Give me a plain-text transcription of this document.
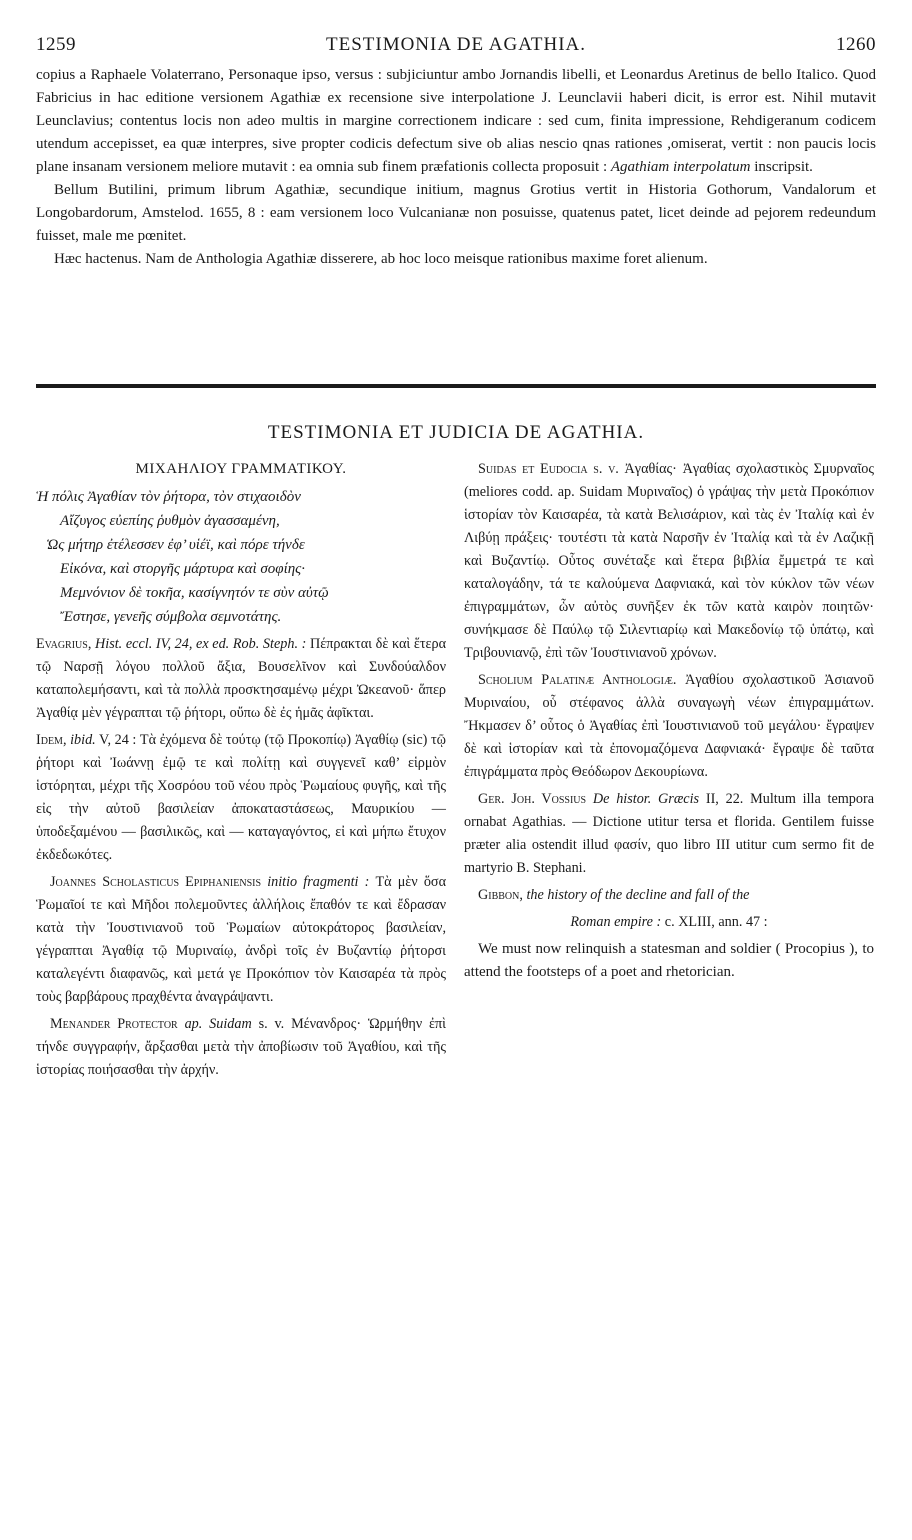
1259	TESTIMONIA DE AGATHIA.	1260

copius a Raphaele Volaterrano, Personaque ipso, versus : subjiciuntur ambo Jornandis libelli, et Leonardus Aretinus de bello Italico. Quod Fabricius in hac editione versionem Agathiæ ex recensione sive interpolatione J. Leunclavii haberi dicit, is error est. Nihil mutavit Leunclavius; contentus locis non adeo multis in margine correctionem indicare : sed cum, finita impressione, Rehdigeranum codicem utendum accepisset, ea quæ interpres, sive propter codicis defectum sive ob alias nescio qnas rationes ,omiserat, vertit : non paucis locis plane insanam versionem meliore mutavit : ea omnia sub finem præfationis collecta proposuit : Agathiam interpolatum inscripsit.

Bellum Butilini, primum librum Agathiæ, secundique initium, magnus Grotius vertit in Historia Gothorum, Vandalorum et Longobardorum, Amstelod. 1655, 8 : eam versionem loco Vulcanianæ non posuisse, quatenus patet, licet deinde ad pejorem redeundum fuisset, male me pœnitet.

Hæc hactenus. Nam de Anthologia Agathiæ disserere, ab hoc loco meisque rationibus maxime foret alienum.

TESTIMONIA ET JUDICIA DE AGATHIA.

ΜΙΧΑΗΛΙΟΥ ΓΡΑΜΜΑΤΙΚΟΥ.

Ἡ πόλις Ἀγαθίαν τὸν ῥήτορα, τὸν στιχαοιδὸν
Αἴζυγος εὐεπίης ῥυθμὸν ἀγασσαμένη,
Ὡς μήτηρ ἐτέλεσσεν ἐφ’ υἱέϊ, καὶ πόρε τήνδε
Εἰκόνα, καὶ στοργῆς μάρτυρα καὶ σοφίης·
Μεμνόνιον δὲ τοκῆα, κασίγνητόν τε σὺν αὐτῷ
Ἔστησε, γενεῆς σύμβολα σεμνοτάτης.

Evagrius, Hist. eccl. IV, 24, ex ed. Rob. Steph. : Πέπρακται δὲ καὶ ἕτερα τῷ Ναρσῇ λόγου πολλοῦ ἄξια, Βουσελῖνον καὶ Συνδούαλδον καταπολεμήσαντι, καὶ τὰ πολλὰ προσκτησαμένῳ μέχρι Ὠκεανοῦ· ἅπερ Ἀγαθίᾳ μὲν γέγραπται τῷ ῥήτορι, οὔπω δὲ ἐς ἡμᾶς ἀφῖκται.

Idem, ibid. V, 24 : Τὰ ἐχόμενα δὲ τούτῳ (τῷ Προκοπίῳ) Ἀγαθίῳ (sic) τῷ ῥήτορι καὶ Ἰωάννῃ ἐμῷ τε καὶ πολίτῃ καὶ συγγενεῖ καθ’ εἱρμὸν ἱστόρηται, μέχρι τῆς Χοσρόου τοῦ νέου πρὸς Ῥωμαίους φυγῆς, καὶ τῆς εἰς τὴν αὐτοῦ βασιλείαν ἀποκαταστάσεως, Μαυρικίου — ὑποδεξαμένου — βασιλικῶς, καὶ — καταγαγόντος, εἰ καὶ μήπω ἔτυχον ἐκδεδωκότες.

Joannes Scholasticus Epiphaniensis initio fragmenti : Τὰ μὲν ὅσα Ῥωμαῖοί τε καὶ Μῆδοι πολεμοῦντες ἀλλήλοις ἔπαθόν τε καὶ ἔδρασαν κατὰ τὴν Ἰουστινιανοῦ τοῦ Ῥωμαίων αὐτοκράτορος βασιλείαν, γέγραπται Ἀγαθίᾳ τῷ Μυριναίῳ, ἀνδρὶ τοῖς ἐν Βυζαντίῳ ῥήτορσι καταλεγέντι διαφανῶς, καὶ μετά γε Προκόπιον τὸν Καισαρέα τὰ πρὸς τοὺς βαρβάρους πραχθέντα ἀναγράψαντι.

Menander Protector ap. Suidam s. v. Μένανδρος· Ὡρμήθην ἐπὶ τήνδε συγγραφήν, ἄρξασθαι μετὰ τὴν ἀποβίωσιν τοῦ Ἀγαθίου, καὶ τῆς ἱστορίας ποιήσασθαι τὴν ἀρχήν.

Suidas et Eudocia s. v. Ἀγαθίας· Ἀγαθίας σχολαστικὸς Σμυρναῖος (meliores codd. ap. Suidam Μυριναῖος) ὁ γράψας τὴν μετὰ Προκόπιον ἱστορίαν τὸν Καισαρέα, τὰ κατὰ Βελισάριον, καὶ τὰς ἐν Ἰταλίᾳ καὶ ἐν Λιβύῃ πράξεις· τουτέστι τὰ κατὰ Ναρσῆν ἐν Ἰταλίᾳ καὶ τὰ ἐν Λαζικῇ καὶ Βυζαντίῳ. Οὗτος συνέταξε καὶ ἕτερα βιβλία ἔμμετρά τε καὶ καταλογάδην, τά τε καλούμενα Δαφνιακά, καὶ τὸν κύκλον τῶν νέων ἐπιγραμμάτων, ὧν αὐτὸς συνῆξεν ἐκ τῶν κατὰ καιρὸν ποιητῶν· συνήκμασε δὲ Παύλῳ τῷ Σιλεντιαρίῳ καὶ Μακεδονίῳ τῷ ὑπάτῳ, καὶ Τριβουνιανῷ, ἐπὶ τῶν Ἰουστινιανοῦ χρόνων.

Scholium Palatinæ Anthologiæ. Ἀγαθίου σχολαστικοῦ Ἀσιανοῦ Μυριναίου, οὗ στέφανος ἀλλὰ συναγωγὴ νέων ἐπιγραμμάτων. Ἤκμασεν δ’ οὗτος ὁ Ἀγαθίας ἐπὶ Ἰουστινιανοῦ τοῦ μεγάλου· ἔγραψεν δὲ καὶ ἱστορίαν καὶ τὰ ἐπονομαζόμενα Δαφνιακά· ἔγραψε δὲ ταῦτα ἐπιγράμματα πρὸς Θεόδωρον Δεκουρίωνα.

Ger. Joh. Vossius De histor. Græcis II, 22. Multum illa tempora ornabat Agathias. — Dictione utitur tersa et florida. Gentilem fuisse præter alia ostendit illud φασίν, quo libro III utitur cum sermo fit de martyrio B. Stephani.

Gibbon, the history of the decline and fall of the

Roman empire : c. XLIII, ann. 47 :

We must now relinquish a statesman and soldier ( Procopius ), to attend the footsteps of a poet and rhetorician.
